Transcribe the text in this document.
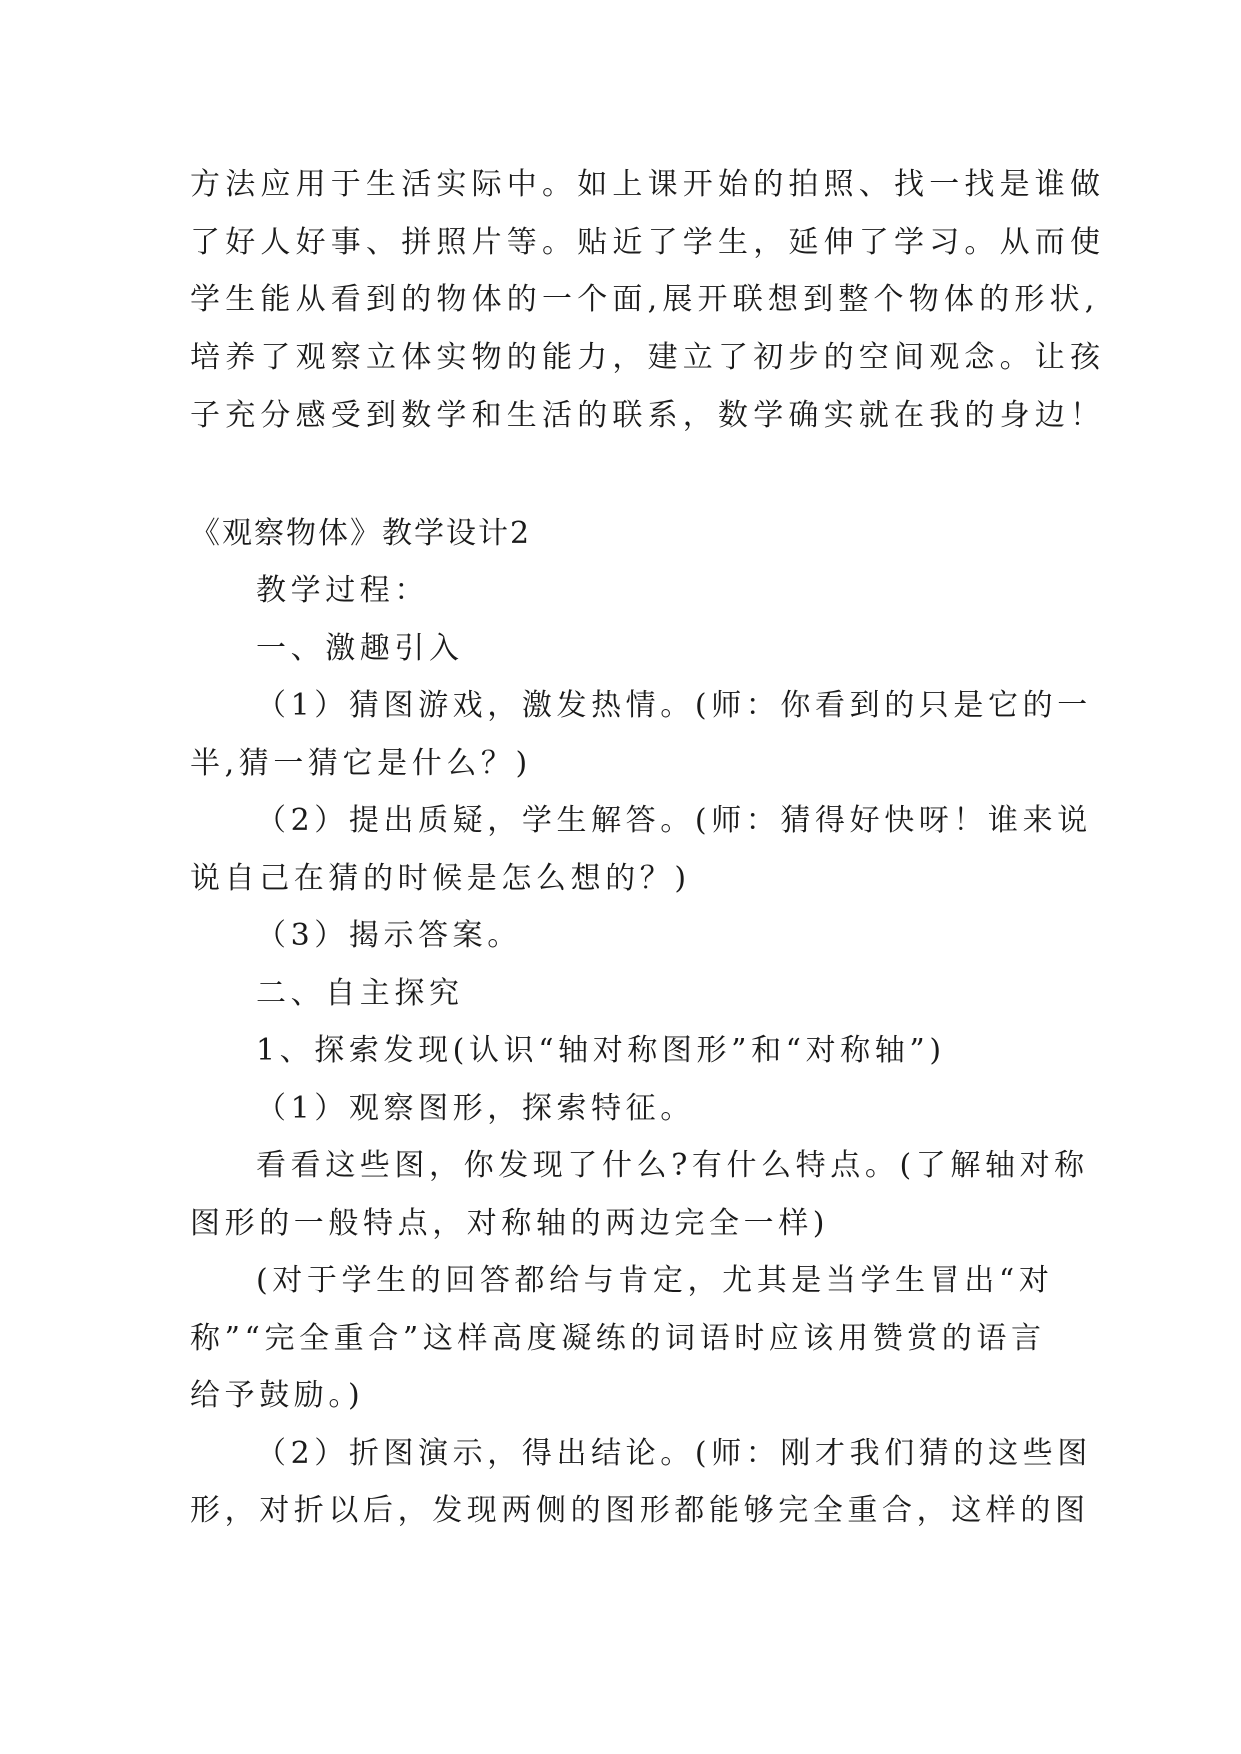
方法应用于生活实际中。如上课开始的拍照、找一找是谁做
了好人好事、拼照片等。贴近了学生，延伸了学习。从而使
学生能从看到的物体的一个面,展开联想到整个物体的形状,
培养了观察立体实物的能力，建立了初步的空间观念。让孩
子充分感受到数学和生活的联系，数学确实就在我的身边！
《观察物体》教学设计2
教学过程：
一、激趣引入
（1）猜图游戏，激发热情。(师：你看到的只是它的一
半,猜一猜它是什么？)
（2）提出质疑，学生解答。(师：猜得好快呀！谁来说
说自己在猜的时候是怎么想的？)
（3）揭示答案。
二、自主探究
1、探索发现(认识“轴对称图形”和“对称轴”)
（1）观察图形，探索特征。
看看这些图，你发现了什么?有什么特点。(了解轴对称
图形的一般特点，对称轴的两边完全一样)
(对于学生的回答都给与肯定，尤其是当学生冒出“对
称”“完全重合”这样高度凝练的词语时应该用赞赏的语言
给予鼓励。)
（2）折图演示，得出结论。(师：刚才我们猜的这些图
形，对折以后，发现两侧的图形都能够完全重合，这样的图
